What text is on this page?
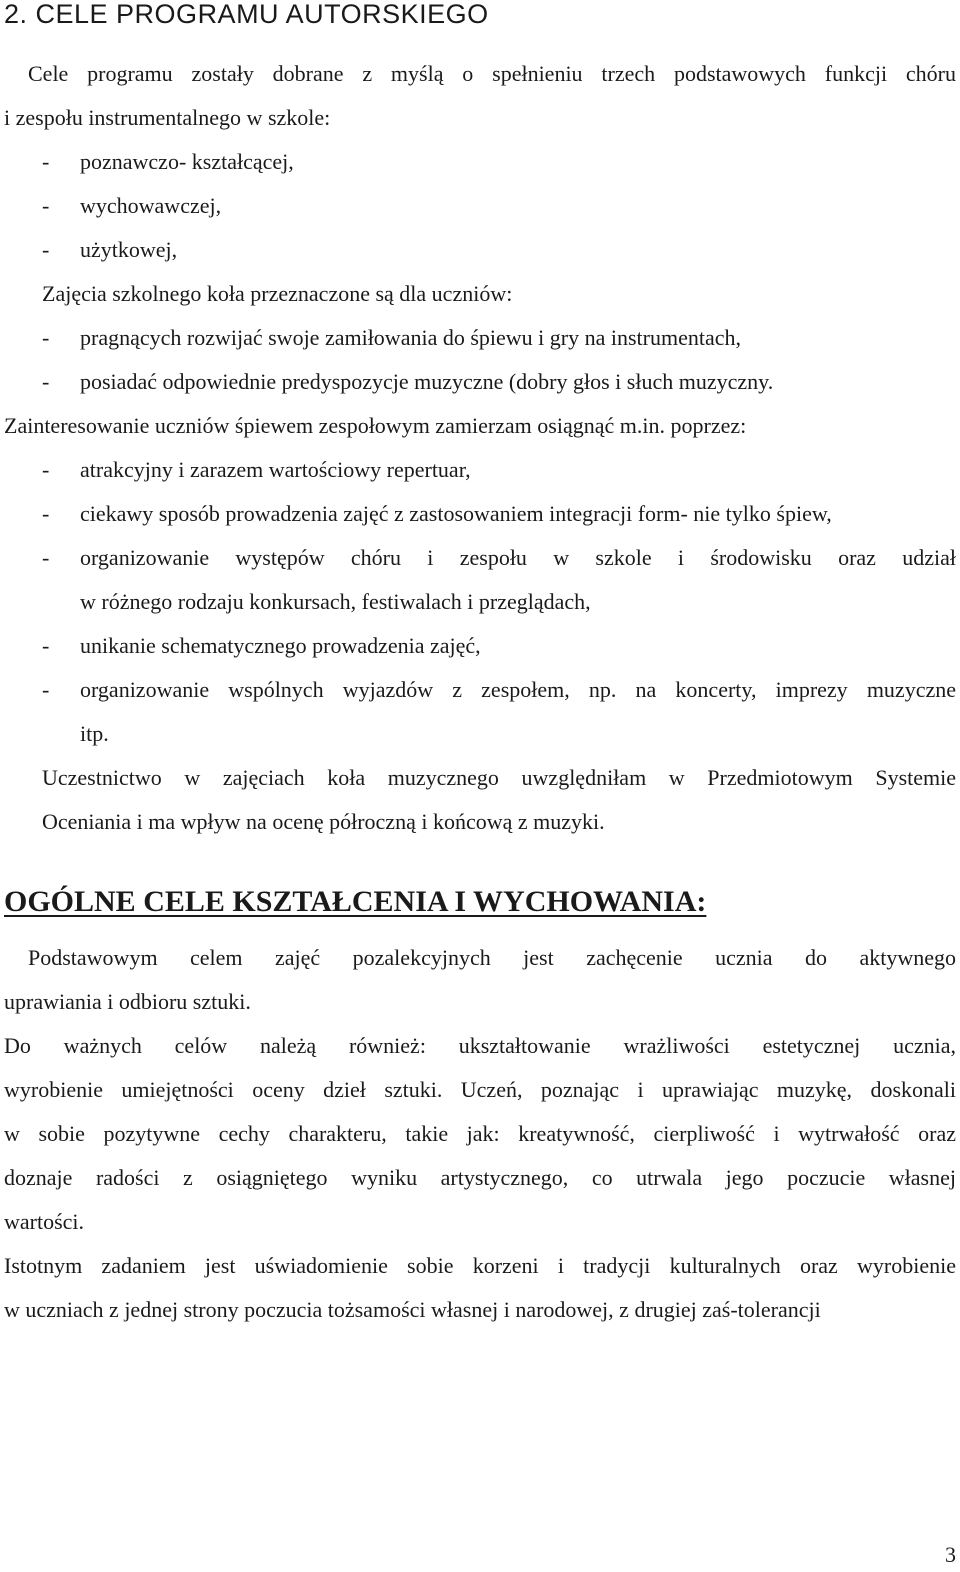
2. CELE PROGRAMU AUTORSKIEGO
Cele programu zostały dobrane z myślą o spełnieniu trzech podstawowych funkcji chóru
i zespołu instrumentalnego w szkole:
-	poznawczo- kształcącej,
-	wychowawczej,
-	użytkowej,
Zajęcia szkolnego koła przeznaczone są dla uczniów:
-	pragnących rozwijać swoje zamiłowania do śpiewu i gry na instrumentach,
-	posiadać odpowiednie predyspozycje muzyczne (dobry głos i słuch muzyczny.
Zainteresowanie uczniów śpiewem zespołowym zamierzam osiągnąć m.in. poprzez:
-	atrakcyjny i zarazem wartościowy repertuar,
-	ciekawy sposób prowadzenia zajęć z zastosowaniem integracji form- nie tylko śpiew,
-	organizowanie występów chóru i zespołu w szkole i środowisku oraz udział
w różnego rodzaju konkursach, festiwalach i przeglądach,
-	unikanie schematycznego prowadzenia zajęć,
-	organizowanie wspólnych wyjazdów z zespołem, np. na koncerty, imprezy muzyczne
itp.
Uczestnictwo w zajęciach koła muzycznego uwzględniłam w Przedmiotowym Systemie
Oceniania i ma wpływ na ocenę półroczną i końcową z muzyki.
OGÓLNE CELE KSZTAŁCENIA I WYCHOWANIA:
Podstawowym celem zajęć pozalekcyjnych jest zachęcenie ucznia do aktywnego
uprawiania i odbioru sztuki.
Do ważnych celów należą również: ukształtowanie wrażliwości estetycznej ucznia,
wyrobienie umiejętności oceny dzieł sztuki. Uczeń, poznając i uprawiając muzykę, doskonali
w sobie pozytywne cechy charakteru, takie jak: kreatywność, cierpliwość i wytrwałość oraz
doznaje radości z osiągniętego wyniku artystycznego, co utrwala jego poczucie własnej
wartości.
Istotnym zadaniem jest uświadomienie sobie korzeni i tradycji kulturalnych oraz wyrobienie
w uczniach z jednej strony poczucia tożsamości własnej i narodowej, z drugiej zaś-tolerancji
3
